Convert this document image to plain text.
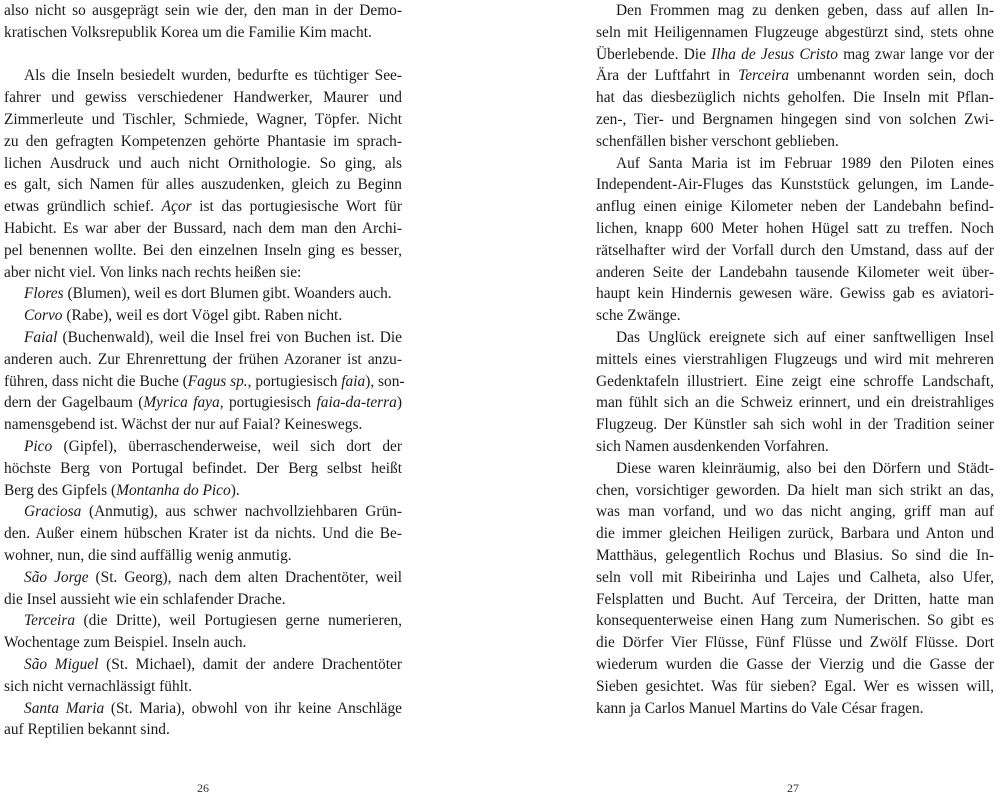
also nicht so ausgeprägt sein wie der, den man in der Demo-
kratischen Volksrepublik Korea um die Familie Kim macht.
Als die Inseln besiedelt wurden, bedurfte es tüchtiger See-
fahrer und gewiss verschiedener Handwerker, Maurer und
Zimmerleute und Tischler, Schmiede, Wagner, Töpfer. Nicht
zu den gefragten Kompetenzen gehörte Phantasie im sprach-
lichen Ausdruck und auch nicht Ornithologie. So ging, als
es galt, sich Namen für alles auszudenken, gleich zu Beginn
etwas gründlich schief. Açor ist das portugiesische Wort für
Habicht. Es war aber der Bussard, nach dem man den Archi-
pel benennen wollte. Bei den einzelnen Inseln ging es besser,
aber nicht viel. Von links nach rechts heißen sie:
Flores (Blumen), weil es dort Blumen gibt. Woanders auch.
Corvo (Rabe), weil es dort Vögel gibt. Raben nicht.
Faial (Buchenwald), weil die Insel frei von Buchen ist. Die
anderen auch. Zur Ehrenrettung der frühen Azoraner ist anzu-
führen, dass nicht die Buche (Fagus sp., portugiesisch faia), son-
dern der Gagelbaum (Myrica faya, portugiesisch faia-da-terra)
namensgebend ist. Wächst der nur auf Faial? Keineswegs.
Pico (Gipfel), überraschenderweise, weil sich dort der
höchste Berg von Portugal befindet. Der Berg selbst heißt
Berg des Gipfels (Montanha do Pico).
Graciosa (Anmutig), aus schwer nachvollziehbaren Grün-
den. Außer einem hübschen Krater ist da nichts. Und die Be-
wohner, nun, die sind auffällig wenig anmutig.
São Jorge (St. Georg), nach dem alten Drachentöter, weil
die Insel aussieht wie ein schlafender Drache.
Terceira (die Dritte), weil Portugiesen gerne numerieren,
Wochentage zum Beispiel. Inseln auch.
São Miguel (St. Michael), damit der andere Drachentöter
sich nicht vernachlässigt fühlt.
Santa Maria (St. Maria), obwohl von ihr keine Anschläge
auf Reptilien bekannt sind.
26
Den Frommen mag zu denken geben, dass auf allen In-
seln mit Heiligennamen Flugzeuge abgestürzt sind, stets ohne
Überlebende. Die Ilha de Jesus Cristo mag zwar lange vor der
Ära der Luftfahrt in Terceira umbenannt worden sein, doch
hat das diesbezüglich nichts geholfen. Die Inseln mit Pflan-
zen-, Tier- und Bergnamen hingegen sind von solchen Zwi-
schenfällen bisher verschont geblieben.
Auf Santa Maria ist im Februar 1989 den Piloten eines
Independent-Air-Fluges das Kunststück gelungen, im Lande-
anflug einen einige Kilometer neben der Landebahn befind-
lichen, knapp 600 Meter hohen Hügel satt zu treffen. Noch
rätselhafter wird der Vorfall durch den Umstand, dass auf der
anderen Seite der Landebahn tausende Kilometer weit über-
haupt kein Hindernis gewesen wäre. Gewiss gab es aviatori-
sche Zwänge.
Das Unglück ereignete sich auf einer sanftwelligen Insel
mittels eines vierstrahligen Flugzeugs und wird mit mehreren
Gedenktafeln illustriert. Eine zeigt eine schroffe Landschaft,
man fühlt sich an die Schweiz erinnert, und ein dreistrahliges
Flugzeug. Der Künstler sah sich wohl in der Tradition seiner
sich Namen ausdenkenden Vorfahren.
Diese waren kleinräumig, also bei den Dörfern und Städt-
chen, vorsichtiger geworden. Da hielt man sich strikt an das,
was man vorfand, und wo das nicht anging, griff man auf
die immer gleichen Heiligen zurück, Barbara und Anton und
Matthäus, gelegentlich Rochus und Blasius. So sind die In-
seln voll mit Ribeirinha und Lajes und Calheta, also Ufer,
Felsplatten und Bucht. Auf Terceira, der Dritten, hatte man
konsequenterweise einen Hang zum Numerischen. So gibt es
die Dörfer Vier Flüsse, Fünf Flüsse und Zwölf Flüsse. Dort
wiederum wurden die Gasse der Vierzig und die Gasse der
Sieben gesichtet. Was für sieben? Egal. Wer es wissen will,
kann ja Carlos Manuel Martins do Vale César fragen.
27
